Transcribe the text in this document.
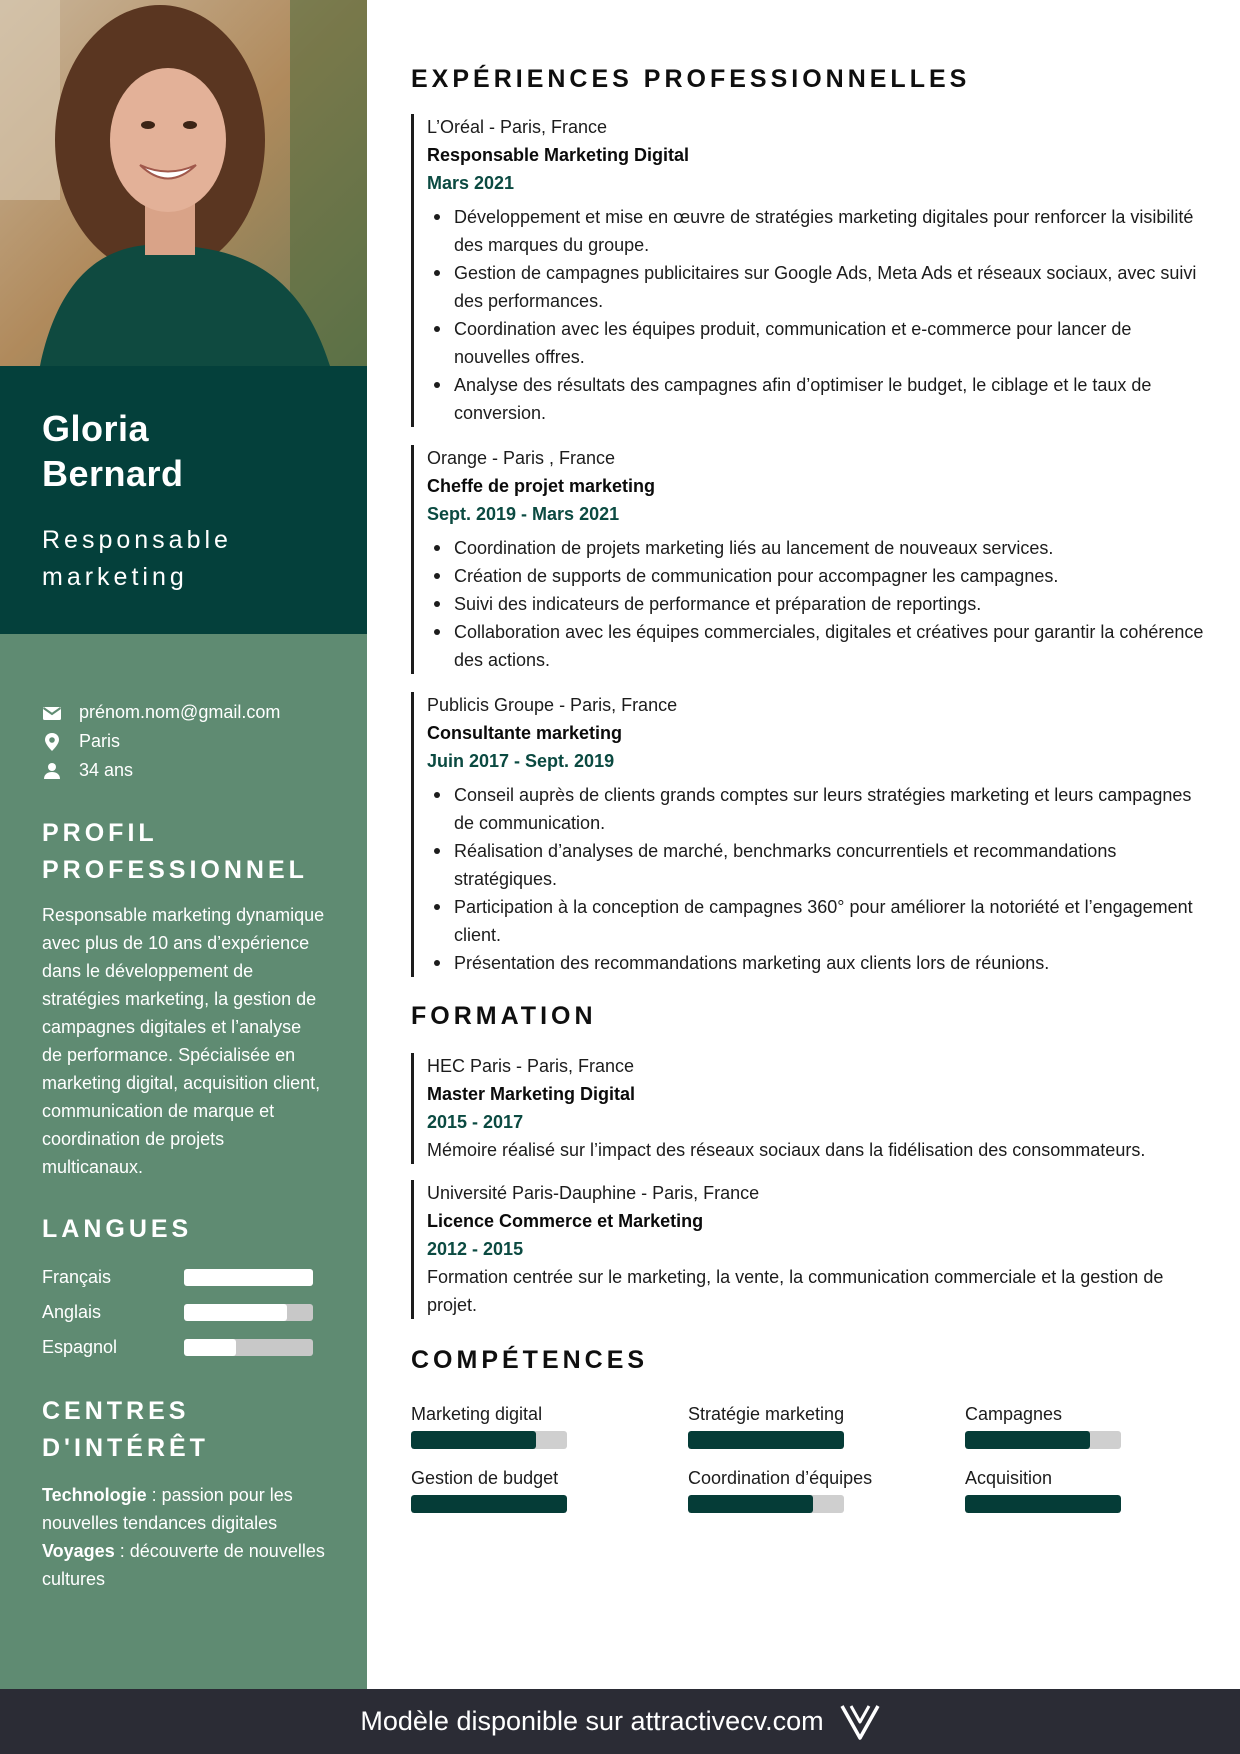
Gloria
Bernard
Responsable marketing
prénom.nom@gmail.com
Paris
34 ans
PROFIL PROFESSIONNEL
Responsable marketing dynamique avec plus de 10 ans d’expérience dans le développement de stratégies marketing, la gestion de campagnes digitales et l’analyse de performance. Spécialisée en marketing digital, acquisition client, communication de marque et coordination de projets multicanaux.
LANGUES
Français
Anglais
Espagnol
CENTRES D'INTÉRÊT
Technologie : passion pour les nouvelles tendances digitales
Voyages : découverte de nouvelles cultures
EXPÉRIENCES PROFESSIONNELLES
L’Oréal - Paris, France
Responsable Marketing Digital
Mars 2021
Développement et mise en œuvre de stratégies marketing digitales pour renforcer la visibilité des marques du groupe.
Gestion de campagnes publicitaires sur Google Ads, Meta Ads et réseaux sociaux, avec suivi des performances.
Coordination avec les équipes produit, communication et e-commerce pour lancer de nouvelles offres.
Analyse des résultats des campagnes afin d’optimiser le budget, le ciblage et le taux de conversion.
Orange - Paris , France
Cheffe de projet marketing
Sept. 2019 - Mars 2021
Coordination de projets marketing liés au lancement de nouveaux services.
Création de supports de communication pour accompagner les campagnes.
Suivi des indicateurs de performance et préparation de reportings.
Collaboration avec les équipes commerciales, digitales et créatives pour garantir la cohérence des actions.
Publicis Groupe - Paris, France
Consultante marketing
Juin 2017 - Sept. 2019
Conseil auprès de clients grands comptes sur leurs stratégies marketing et leurs campagnes de communication.
Réalisation d’analyses de marché, benchmarks concurrentiels et recommandations stratégiques.
Participation à la conception de campagnes 360° pour améliorer la notoriété et l’engagement client.
Présentation des recommandations marketing aux clients lors de réunions.
FORMATION
HEC Paris - Paris, France
Master Marketing Digital
2015 - 2017
Mémoire réalisé sur l’impact des réseaux sociaux dans la fidélisation des consommateurs.
Université Paris-Dauphine - Paris, France
Licence Commerce et Marketing
2012 - 2015
Formation centrée sur le marketing, la vente, la communication commerciale et la gestion de projet.
COMPÉTENCES
Marketing digital	Stratégie marketing	Campagnes
Gestion de budget	Coordination d’équipes	Acquisition
Modèle disponible sur attractivecv.com
